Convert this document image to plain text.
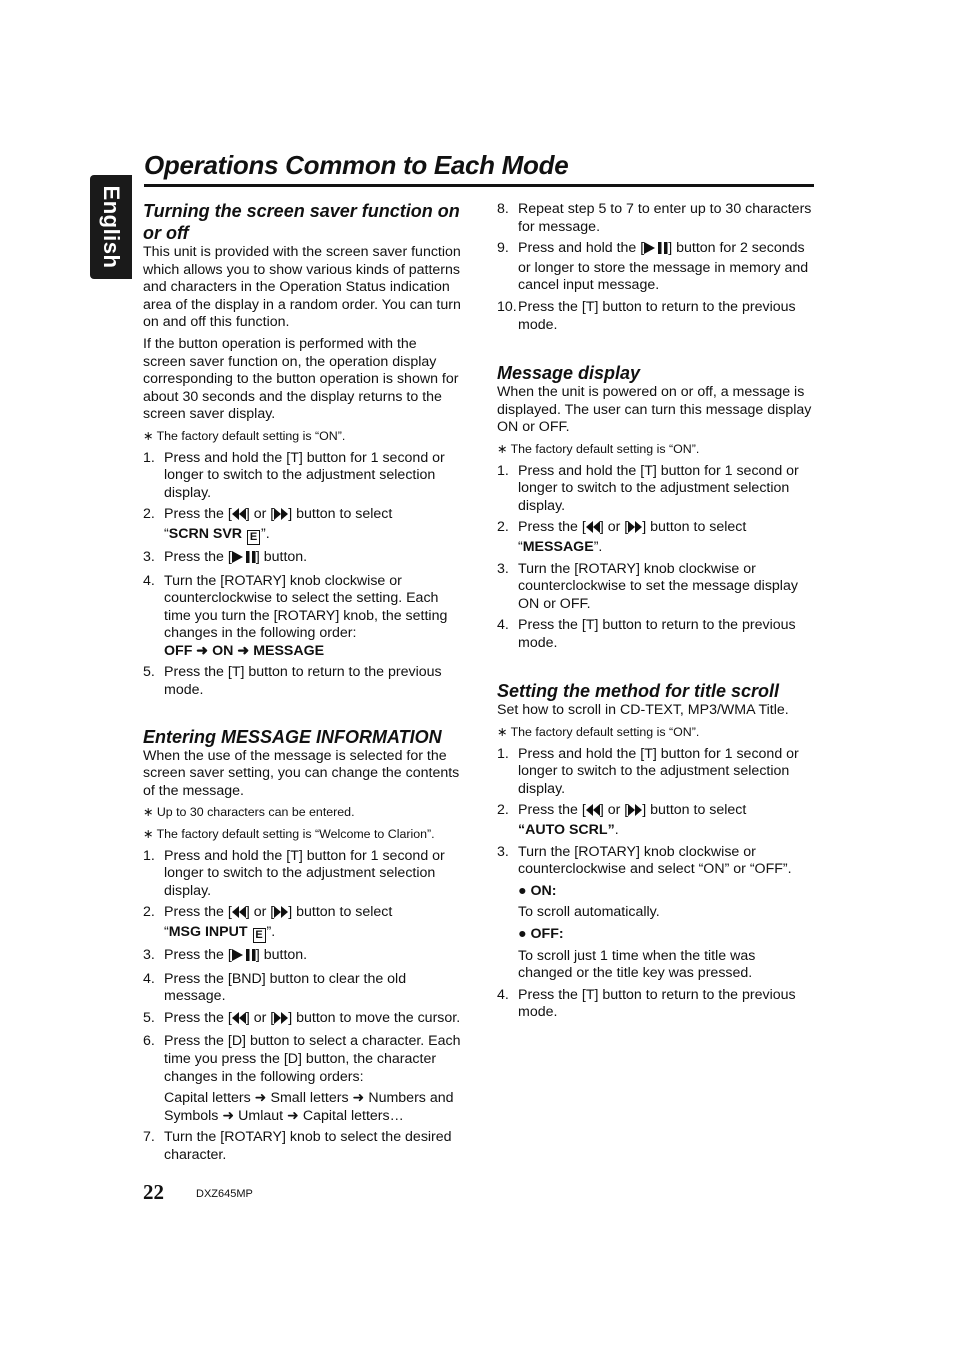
English
Operations Common to Each Mode
Turning the screen saver function on or off

This unit is provided with the screen saver function which allows you to show various kinds of patterns and characters in the Operation Status indication area of the display in a random order. You can turn on and off this function.

If the button operation is performed with the screen saver function on, the operation display corresponding to the button operation is shown for about 30 seconds and the display returns to the screen saver display.

∗ The factory default setting is “ON”.
1. Press and hold the [T] button for 1 second or longer to switch to the adjustment selection display.
2. Press the [ ] or [ ] button to select
“SCRN SVR E ”.
3. Press the [ ] button.
4. Turn the [ROTARY] knob clockwise or counterclockwise to select the setting. Each time you turn the [ROTARY] knob, the setting changes in the following order:
OFF ➜ ON ➜ MESSAGE
5. Press the [T] button to return to the previous mode.
Entering MESSAGE INFORMATION

When the use of the message is selected for the screen saver setting, you can change the contents of the message.

∗ Up to 30 characters can be entered.
∗ The factory default setting is “Welcome to Clarion”.
1. Press and hold the [T] button for 1 second or longer to switch to the adjustment selection display.
2. Press the [ ] or [ ] button to select
“MSG INPUT E ”.
3. Press the [ ] button.
4. Press the [BND] button to clear the old message.
5. Press the [ ] or [ ] button to move the cursor.
6. Press the [D] button to select a character. Each time you press the [D] button, the character changes in the following orders:
Capital letters ➜ Small letters ➜ Numbers and Symbols ➜ Umlaut ➜ Capital letters…
7. Turn the [ROTARY] knob to select the desired character.
8. Repeat step 5 to 7 to enter up to 30 characters for message.
9. Press and hold the [ ] button for 2 seconds or longer to store the message in memory and cancel input message.
10. Press the [T] button to return to the previous mode.
Message display

When the unit is powered on or off, a message is displayed. The user can turn this message display ON or OFF.

∗ The factory default setting is “ON”.
1. Press and hold the [T] button for 1 second or longer to switch to the adjustment selection display.
2. Press the [ ] or [ ] button to select
“MESSAGE”.
3. Turn the [ROTARY] knob clockwise or counterclockwise to set the message display ON or OFF.
4. Press the [T] button to return to the previous mode.
Setting the method for title scroll

Set how to scroll in CD-TEXT, MP3/WMA Title.

∗ The factory default setting is “ON”.
1. Press and hold the [T] button for 1 second or longer to switch to the adjustment selection display.
2. Press the [ ] or [ ] button to select
“AUTO SCRL”.
3. Turn the [ROTARY] knob clockwise or counterclockwise and select “ON” or “OFF”.
● ON:
To scroll automatically.
● OFF:
To scroll just 1 time when the title was changed or the title key was pressed.
4. Press the [T] button to return to the previous mode.
22	DXZ645MP
